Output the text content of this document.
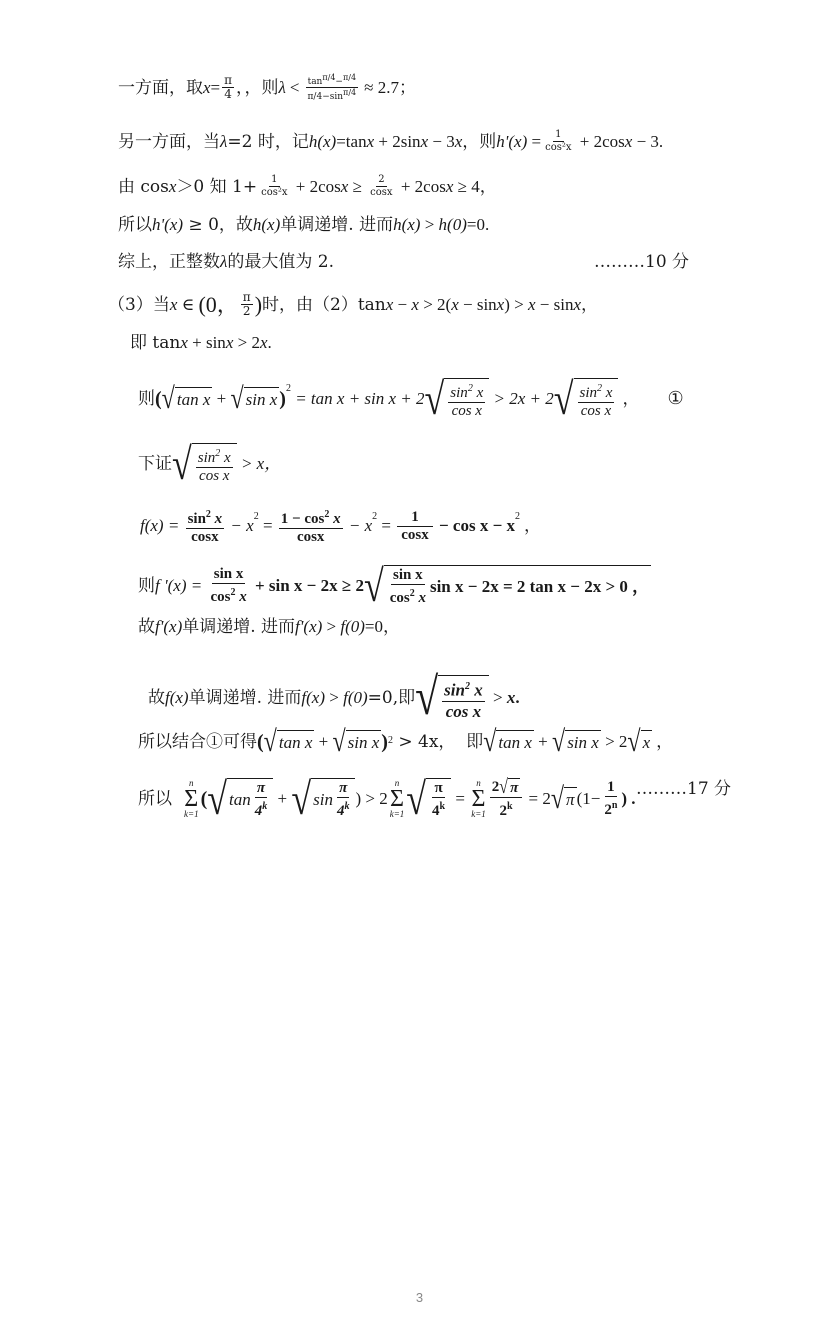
一方面，取 $x = \frac{\pi}{4}$ ，，则 $\lambda < \frac{\tan^{\pi/4}-^{\pi/4}}{\pi/4-\sin^{\pi/4}} \approx 2.7$；
另一方面，当 λ =2 时，记 h(x) =tan x + 2sin x − 3 x ，则 $h'(x) = \frac{1}{\text{cos²x}} + 2\cos$ x − 3.
由 cos x ＞0 知 $1+ \frac{1}{\text{cos²x}} + 2\cos$ $x \ge \frac{2}{\cos x} + 2\cos$ x ≥ 4，
所以 h'(x) ≥ 0，故 h(x) 单调递增. 进而 h(x) > h(0) =0.
综上，正整数 λ 的最大值为 2.	………10 分
（3）当 x ∈ (0， $\frac{\pi}{2}$ ) 时，由（2）tan x − x > 2( x − sin x ) > x − sin x ，
即 tan x + sin x > 2 x .
则 ( √ tan x + √ sin x )$^2$
= tan x + sin x + 2 √ $\frac{\sin^2 x}{\text{cos x}} > 2x + 2$ √ $\frac{\sin^2 x}{\text{cos x}}$ ， ①
下证 √ $\frac{\sin^2 x}{\text{cos x}} > x$，
$f(x) = \frac{\sin^2 x}{\cos x} - x^2 = \frac{1 - \cos^2 x}{\cos x} - x^2 = \frac{1}{\cos x} - \cos x - x^2$ ，
则 f '$(x) = \frac{\text{sin x}}{\cos^2 x} + \sin x - 2x \ge 2$ √ $\frac{\text{sin x}}{\cos^2 x}$ sin x − 2x = 2 tan x − 2x > 0 ，
故 f'(x) 单调递增. 进而 f'(x) > f(0) =0，
故 f(x) 单调递增. 进而 f(x) > f(0) =0,即 √ $\frac{\sin^2 x}{\text{cos x}} > x$ .
所以结合①可得 ( √ tan x + √ sin x ) 2 > 4x，  即 √ tan x + √ sin x > 2 √ x ，
所以
n
Σ
k=1
( √ $\tan \frac{\pi}{4^k}$ + √ $\sin \frac{\pi}{4^k}$ ) > 2
n
Σ
k=1 √ $\frac{\pi}{4^k}$ =
n
Σ
$k=1 \frac{2 √ \pi}{2^k} = 2$ √ π ($1- \frac{1}{2^n}$ ) . ………17 分
3
